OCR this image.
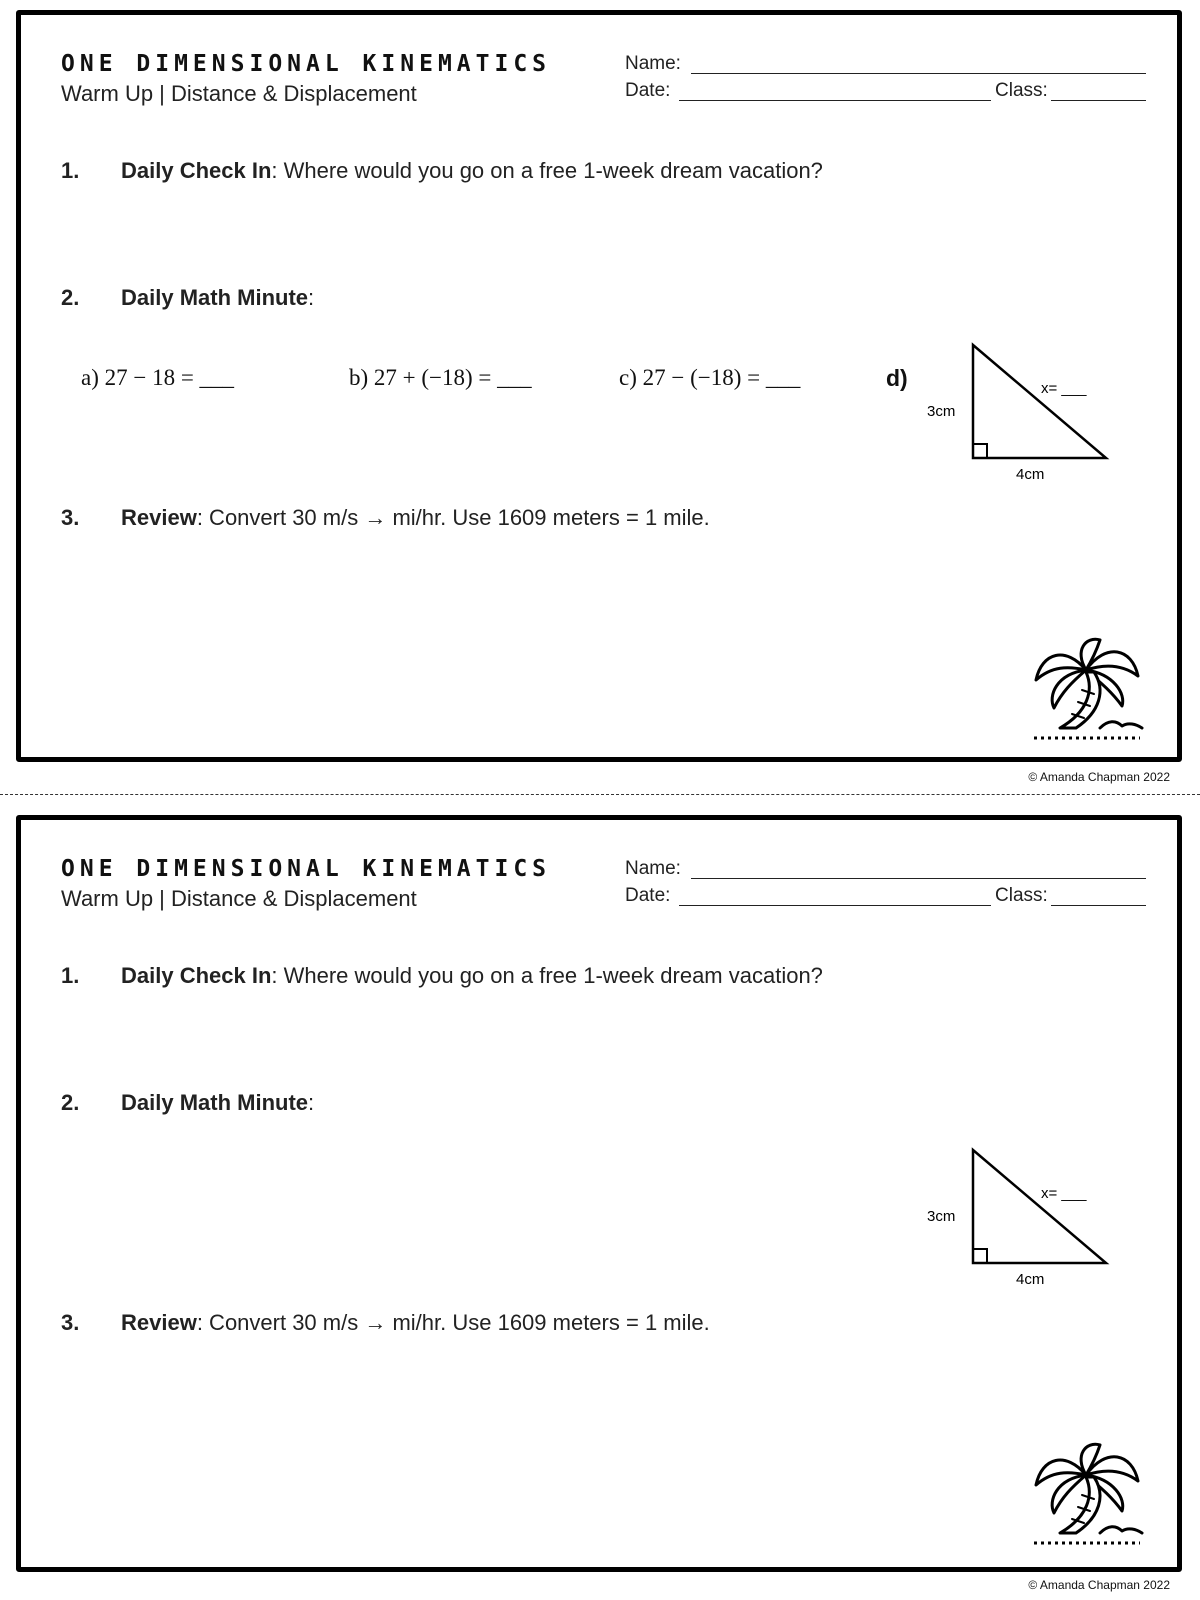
ONE DIMENSIONAL KINEMATICS
Warm Up | Distance & Displacement
Name:
Date:	Class:
1. Daily Check In: Where would you go on a free 1-week dream vacation?
2. Daily Math Minute:
a) 27 − 18 = ___	b) 27 + (−18) = ___	c) 27 − (−18) = ___	d)
3cm
4cm
x= ___
3. Review: Convert 30 m/s → mi/hr. Use 1609 meters = 1 mile.
© Amanda Chapman 2022
ONE DIMENSIONAL KINEMATICS
Warm Up | Distance & Displacement
Name:
Date:	Class:
1. Daily Check In: Where would you go on a free 1-week dream vacation?
2. Daily Math Minute:
3cm
4cm
x= ___
3. Review: Convert 30 m/s → mi/hr. Use 1609 meters = 1 mile.
© Amanda Chapman 2022
